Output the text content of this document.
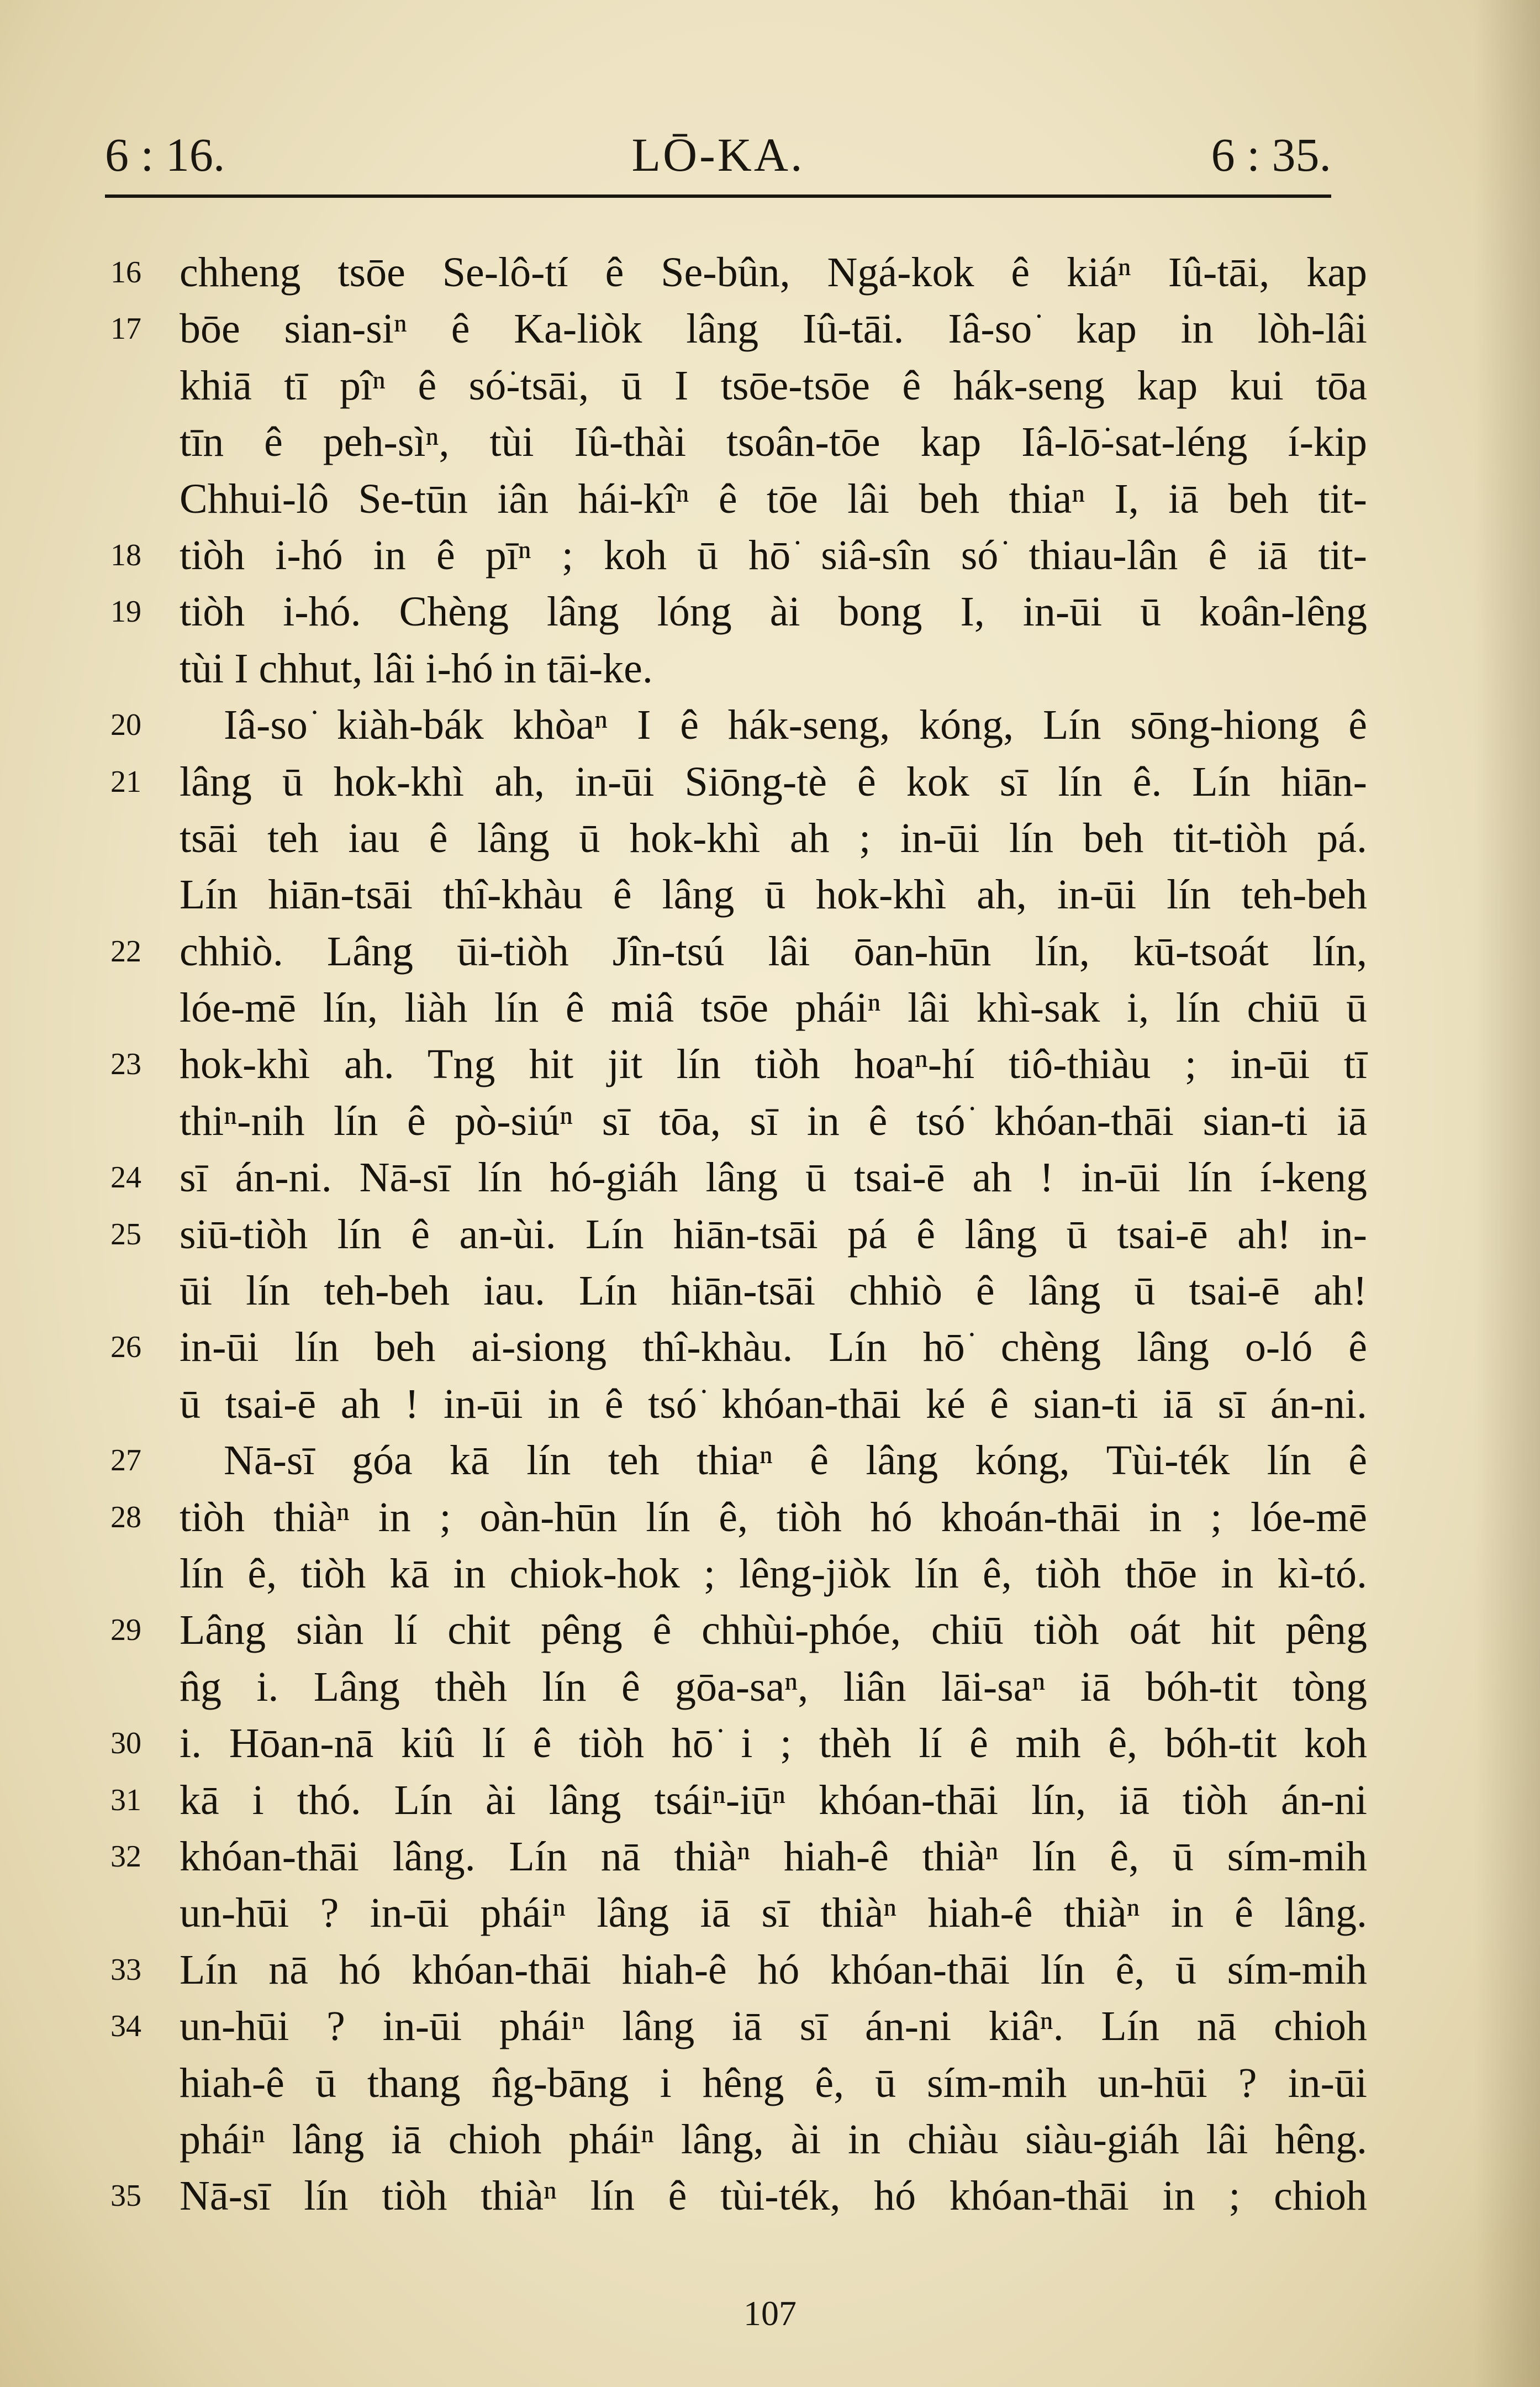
6 : 16.	LŌ-KA.	6 : 35.
16 chheng tsōe Se-lô-tí ê Se-bûn, Ngá-kok ê kiáⁿ Iû-tāi, kap
17 bōe sian-siⁿ ê Ka-liòk lâng Iû-tāi. Iâ-so͘ kap in lòh-lâi
khiā tī pîⁿ ê só͘-tsāi, ū I tsōe-tsōe ê hák-seng kap kui tōa
tīn ê peh-sìⁿ, tùi Iû-thài tsoân-tōe kap Iâ-lō͘-sat-léng í-kip
Chhui-lô Se-tūn iân hái-kîⁿ ê tōe lâi beh thiaⁿ I, iā beh tit-
18 tiòh i-hó in ê pīⁿ ; koh ū hō͘ siâ-sîn só͘ thiau-lân ê iā tit-
19 tiòh i-hó. Chèng lâng lóng ài bong I, in-ūi ū koân-lêng
tùi I chhut, lâi i-hó in tāi-ke.
20	Iâ-so͘ kiàh-bák khòaⁿ I ê hák-seng, kóng, Lín sōng-hiong ê
21 lâng ū hok-khì ah, in-ūi Siōng-tè ê kok sī lín ê. Lín hiān-
tsāi teh iau ê lâng ū hok-khì ah ; in-ūi lín beh tit-tiòh pá.
Lín hiān-tsāi thî-khàu ê lâng ū hok-khì ah, in-ūi lín teh-beh
22 chhiò. Lâng ūi-tiòh Jîn-tsú lâi ōan-hūn lín, kū-tsoát lín,
lóe-mē lín, liàh lín ê miâ tsōe pháiⁿ lâi khì-sak i, lín chiū ū
23 hok-khì ah. Tng hit jit lín tiòh hoaⁿ-hí tiô-thiàu ; in-ūi tī
thiⁿ-nih lín ê pò-siúⁿ sī tōa, sī in ê tsó͘ khóan-thāi sian-ti iā
24 sī án-ni. Nā-sī lín hó-giáh lâng ū tsai-ē ah ! in-ūi lín í-keng
25 siū-tiòh lín ê an-ùi. Lín hiān-tsāi pá ê lâng ū tsai-ē ah! in-
ūi lín teh-beh iau. Lín hiān-tsāi chhiò ê lâng ū tsai-ē ah!
26 in-ūi lín beh ai-siong thî-khàu. Lín hō͘ chèng lâng o-ló ê
ū tsai-ē ah ! in-ūi in ê tsó͘ khóan-thāi ké ê sian-ti iā sī án-ni.
27	Nā-sī góa kā lín teh thiaⁿ ê lâng kóng, Tùi-ték lín ê
28 tiòh thiàⁿ in ; oàn-hūn lín ê, tiòh hó khoán-thāi in ; lóe-mē
lín ê, tiòh kā in chiok-hok ; lêng-jiòk lín ê, tiòh thōe in kì-tó.
29 Lâng siàn lí chit pêng ê chhùi-phóe, chiū tiòh oát hit pêng
n̂g i. Lâng thèh lín ê gōa-saⁿ, liân lāi-saⁿ iā bóh-tit tòng
30 i. Hōan-nā kiû lí ê tiòh hō͘ i ; thèh lí ê mih ê, bóh-tit koh
31 kā i thó. Lín ài lâng tsáiⁿ-iūⁿ khóan-thāi lín, iā tiòh án-ni
32 khóan-thāi lâng. Lín nā thiàⁿ hiah-ê thiàⁿ lín ê, ū sím-mih
un-hūi ? in-ūi pháiⁿ lâng iā sī thiàⁿ hiah-ê thiàⁿ in ê lâng.
33 Lín nā hó khóan-thāi hiah-ê hó khóan-thāi lín ê, ū sím-mih
34 un-hūi ? in-ūi pháiⁿ lâng iā sī án-ni kiâⁿ. Lín nā chioh
hiah-ê ū thang n̂g-bāng i hêng ê, ū sím-mih un-hūi ? in-ūi
pháiⁿ lâng iā chioh pháiⁿ lâng, ài in chiàu siàu-giáh lâi hêng.
35 Nā-sī lín tiòh thiàⁿ lín ê tùi-ték, hó khóan-thāi in ; chioh
107
